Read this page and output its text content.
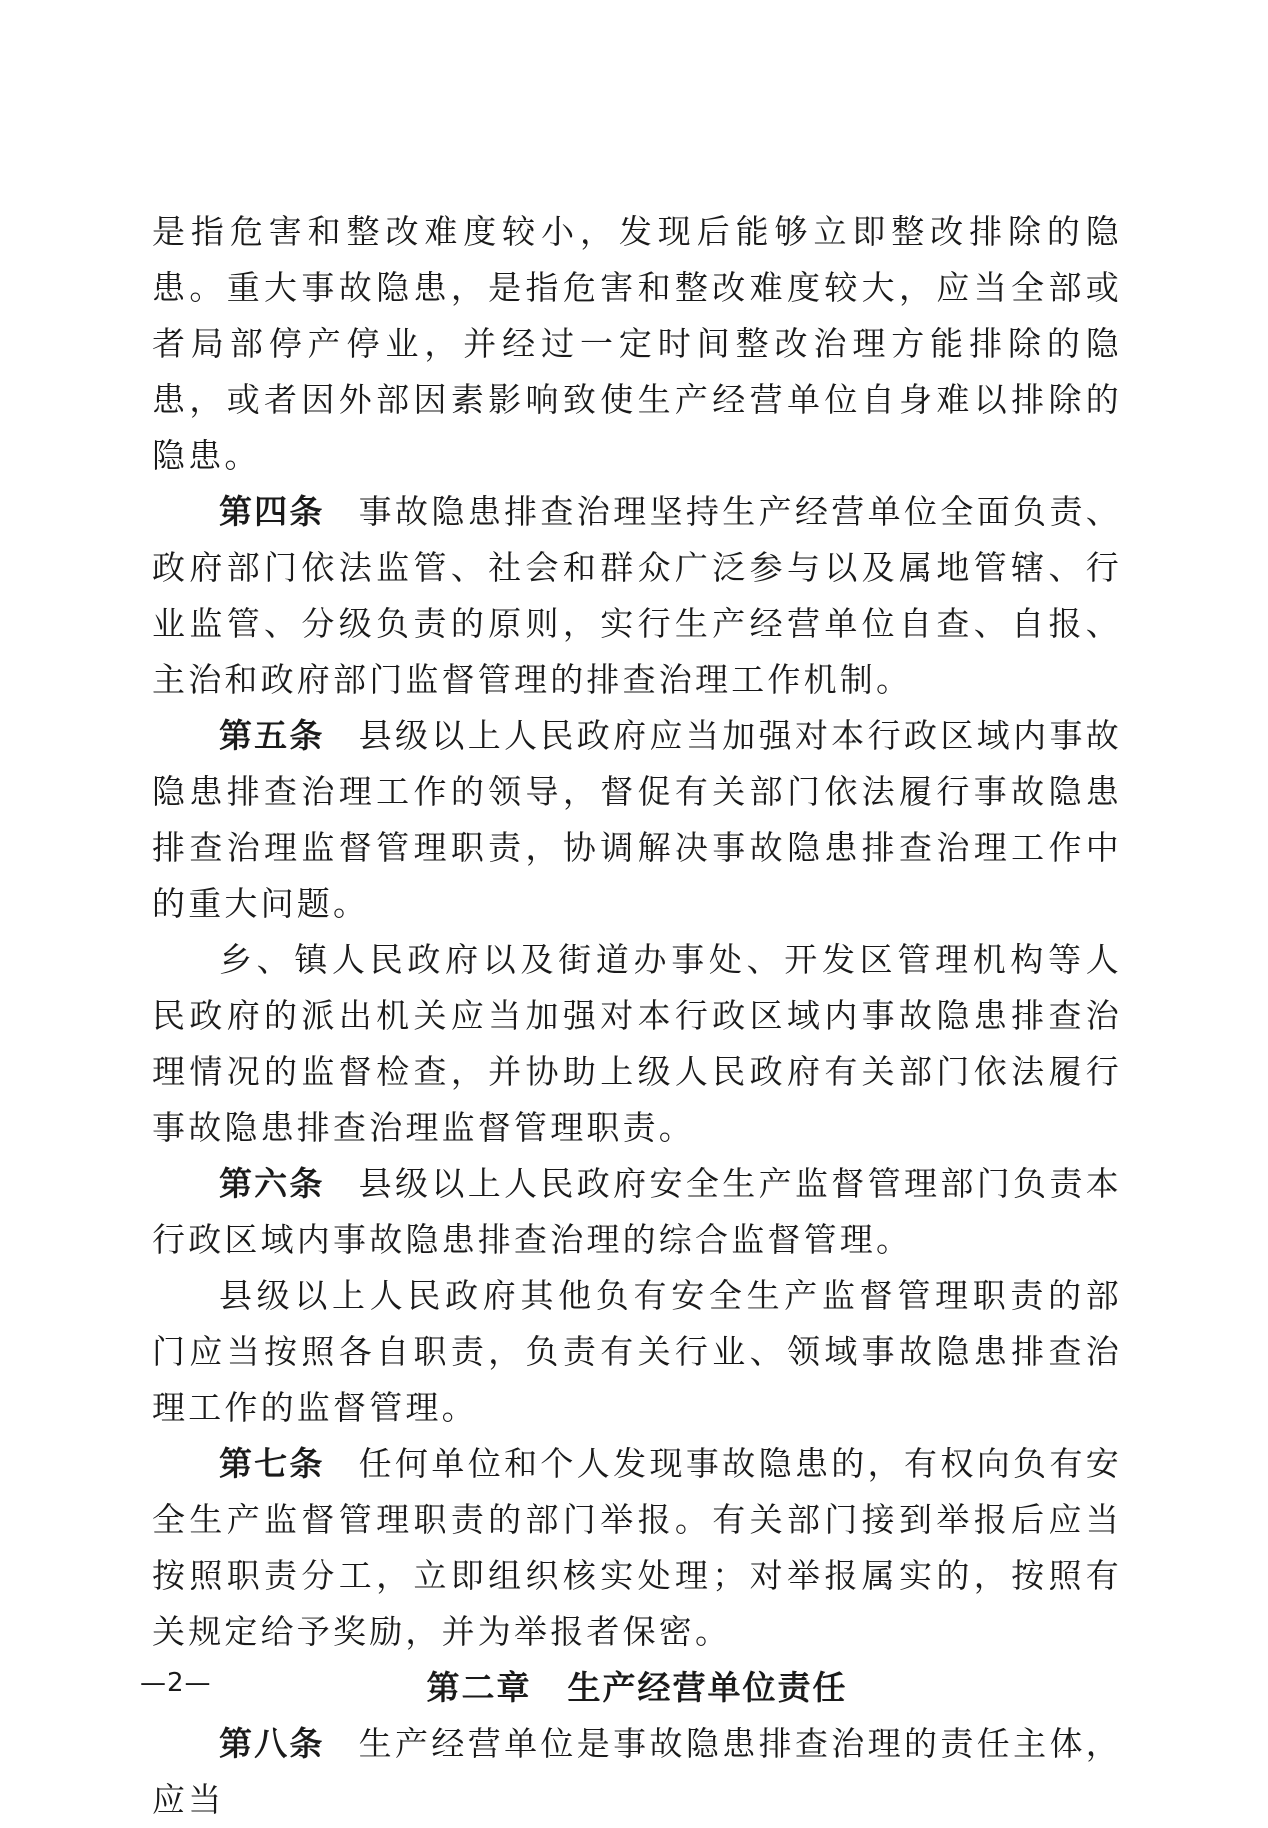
是指危害和整改难度较小，发现后能够立即整改排除的隐患。重大事故隐患，是指危害和整改难度较大，应当全部或者局部停产停业，并经过一定时间整改治理方能排除的隐患，或者因外部因素影响致使生产经营单位自身难以排除的隐患。

第四条 事故隐患排查治理坚持生产经营单位全面负责、政府部门依法监管、社会和群众广泛参与以及属地管辖、行业监管、分级负责的原则，实行生产经营单位自查、自报、主治和政府部门监督管理的排查治理工作机制。

第五条 县级以上人民政府应当加强对本行政区域内事故隐患排查治理工作的领导，督促有关部门依法履行事故隐患排查治理监督管理职责，协调解决事故隐患排查治理工作中的重大问题。

乡、镇人民政府以及街道办事处、开发区管理机构等人民政府的派出机关应当加强对本行政区域内事故隐患排查治理情况的监督检查，并协助上级人民政府有关部门依法履行事故隐患排查治理监督管理职责。

第六条 县级以上人民政府安全生产监督管理部门负责本行政区域内事故隐患排查治理的综合监督管理。

县级以上人民政府其他负有安全生产监督管理职责的部门应当按照各自职责，负责有关行业、领域事故隐患排查治理工作的监督管理。

第七条 任何单位和个人发现事故隐患的，有权向负有安全生产监督管理职责的部门举报。有关部门接到举报后应当按照职责分工，立即组织核实处理；对举报属实的，按照有关规定给予奖励，并为举报者保密。

第二章 生产经营单位责任

第八条 生产经营单位是事故隐患排查治理的责任主体，应当

—2—
